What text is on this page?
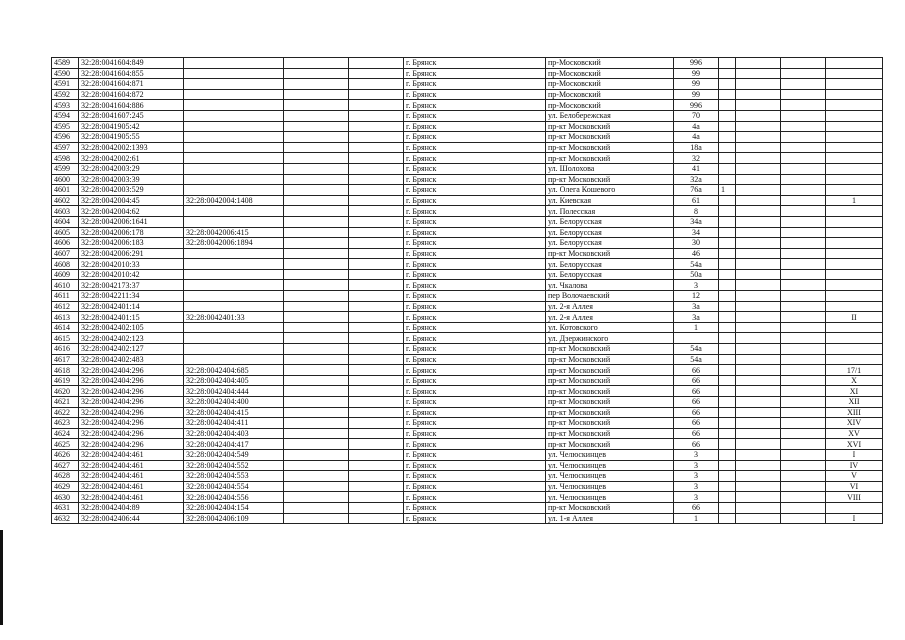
4589	32:28:0041604:849				г. Брянск	пр-Московский	996				
4590	32:28:0041604:855				г. Брянск	пр-Московский	99				
4591	32:28:0041604:871				г. Брянск	пр-Московский	99				
4592	32:28:0041604:872				г. Брянск	пр-Московский	99				
4593	32:28:0041604:886				г. Брянск	пр-Московский	996				
4594	32:28:0041607:245				г. Брянск	ул. Белобережская	70				
4595	32:28:0041905:42				г. Брянск	пр-кт Московский	4а				
4596	32:28:0041905:55				г. Брянск	пр-кт Московский	4а				
4597	32:28:0042002:1393				г. Брянск	пр-кт Московский	18а				
4598	32:28:0042002:61				г. Брянск	пр-кт Московский	32				
4599	32:28:0042003:29				г. Брянск	ул. Шолохова	41				
4600	32:28:0042003:39				г. Брянск	пр-кт Московский	32а				
4601	32:28:0042003:529				г. Брянск	ул. Олега Кошевого	76а	1			
4602	32:28:0042004:45	32:28:0042004:1408			г. Брянск	ул. Киевская	61				1
4603	32:28:0042004:62				г. Брянск	ул. Полесская	8				
4604	32:28:0042006:1641				г. Брянск	ул. Белорусская	34а				
4605	32:28:0042006:178	32:28:0042006:415			г. Брянск	ул. Белорусская	34				
4606	32:28:0042006:183	32:28:0042006:1894			г. Брянск	ул. Белорусская	30				
4607	32:28:0042006:291				г. Брянск	пр-кт Московский	46				
4608	32:28:0042010:33				г. Брянск	ул. Белорусская	54а				
4609	32:28:0042010:42				г. Брянск	ул. Белорусская	50а				
4610	32:28:0042173:37				г. Брянск	ул. Чкалова	3				
4611	32:28:0042211:34				г. Брянск	пер Волочаевский	12				
4612	32:28:0042401:14				г. Брянск	ул. 2-я Аллея	3а				
4613	32:28:0042401:15	32:28:0042401:33			г. Брянск	ул. 2-я Аллея	3а				II
4614	32:28:0042402:105				г. Брянск	ул. Котовского	1				
4615	32:28:0042402:123				г. Брянск	ул. Дзержинского					
4616	32:28:0042402:127				г. Брянск	пр-кт Московский	54а				
4617	32:28:0042402:483				г. Брянск	пр-кт Московский	54а				
4618	32:28:0042404:296	32:28:0042404:685			г. Брянск	пр-кт Московский	66				17/1
4619	32:28:0042404:296	32:28:0042404:405			г. Брянск	пр-кт Московский	66				X
4620	32:28:0042404:296	32:28:0042404:444			г. Брянск	пр-кт Московский	66				XI
4621	32:28:0042404:296	32:28:0042404:400			г. Брянск	пр-кт Московский	66				XII
4622	32:28:0042404:296	32:28:0042404:415			г. Брянск	пр-кт Московский	66				XIII
4623	32:28:0042404:296	32:28:0042404:411			г. Брянск	пр-кт Московский	66				XIV
4624	32:28:0042404:296	32:28:0042404:403			г. Брянск	пр-кт Московский	66				XV
4625	32:28:0042404:296	32:28:0042404:417			г. Брянск	пр-кт Московский	66				XVI
4626	32:28:0042404:461	32:28:0042404:549			г. Брянск	ул. Челюскинцев	3				I
4627	32:28:0042404:461	32:28:0042404:552			г. Брянск	ул. Челюскинцев	3				IV
4628	32:28:0042404:461	32:28:0042404:553			г. Брянск	ул. Челюскинцев	3				V
4629	32:28:0042404:461	32:28:0042404:554			г. Брянск	ул. Челюскинцев	3				VI
4630	32:28:0042404:461	32:28:0042404:556			г. Брянск	ул. Челюскинцев	3				VIII
4631	32:28:0042404:89	32:28:0042404:154			г. Брянск	пр-кт Московский	66				
4632	32:28:0042406:44	32:28:0042406:109			г. Брянск	ул. 1-я Аллея	1				I
